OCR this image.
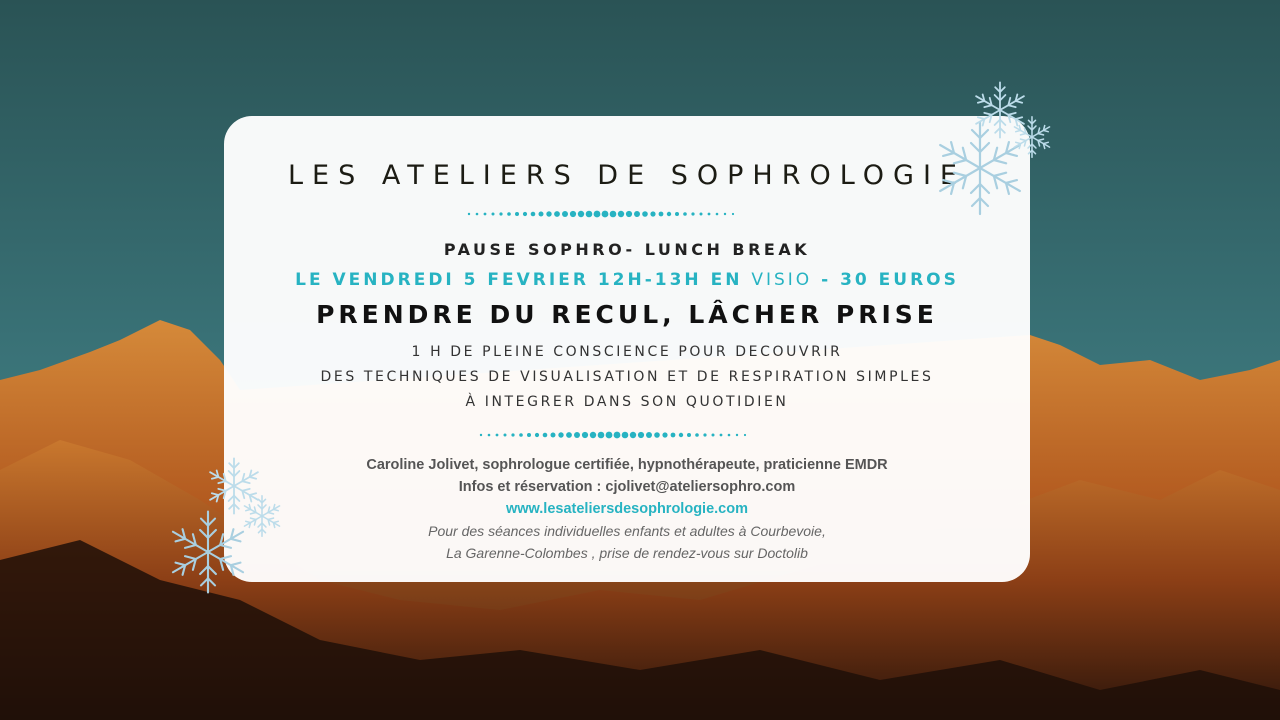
LES ATELIERS DE SOPHROLOGIE

PAUSE SOPHRO- LUNCH BREAK

LE VENDREDI 5 FEVRIER 12H-13H EN VISIO - 30 EUROS

PRENDRE DU RECUL, LÂCHER PRISE

1 H DE PLEINE CONSCIENCE POUR DECOUVRIR

DES TECHNIQUES DE VISUALISATION ET DE RESPIRATION SIMPLES

À INTEGRER DANS SON QUOTIDIEN

Caroline Jolivet, sophrologue certifiée, hypnothérapeute, praticienne EMDR

Infos et réservation : cjolivet@ateliersophro.com

www.lesateliersdesophrologie.com

Pour des séances individuelles enfants et adultes à Courbevoie,

La Garenne-Colombes , prise de rendez-vous sur Doctolib
